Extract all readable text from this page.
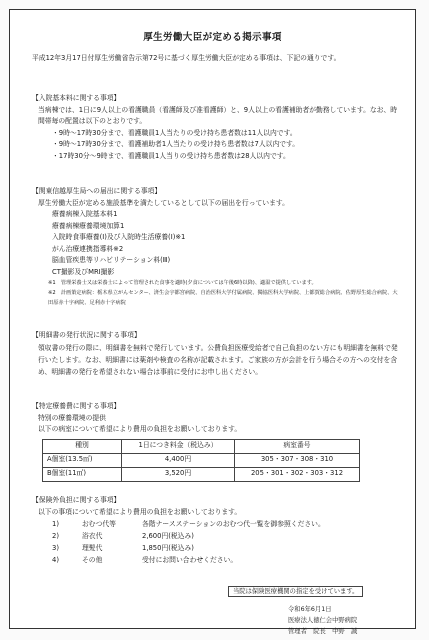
厚生労働大臣が定める掲示事項
平成12年3月17日付厚生労働省告示第72号に基づく厚生労働大臣が定める事項は、下記の通りです。
【入院基本料に関する事項】
当病棟では、1日に9人以上の看護職員（看護師及び准看護師）と、9人以上の看護補助者が勤務しています。なお、時間帯毎の配置は以下のとおりです。
・9時〜17時30分まで、看護職員1人当たりの受け持ち患者数は11人以内です。
・9時〜17時30分まで、看護補助者1人当たりの受け持ち患者数は7人以内です。
・17時30分〜9時まで、看護職員1人当りの受け持ち患者数は28人以内です。
【関東信越厚生局への届出に関する事項】
厚生労働大臣が定める施設基準を満たしているとして以下の届出を行っています。
療養病棟入院基本料1
療養病棟療養環境加算1
入院時食事療養(Ⅰ)及び入院時生活療養(Ⅰ)※1
がん治療連携指導料※2
脳血管疾患等リハビリテーション料(Ⅲ)
CT撮影及びMRI撮影
※1　管理栄養士又は栄養士によって管理された食事を適時(夕食については午後6時以降)、適温で提供しています。
※2　計画策定病院：栃木県立がんセンター、済生会宇都宮病院、自治医科大学付属病院、獨協医科大学病院、上都賀総合病院、佐野厚生総合病院、大田原赤十字病院、足利赤十字病院
【明細書の発行状況に関する事項】
領収書の発行の際に、明細書を無料で発行しています。公費負担医療受給者で自己負担のない方にも明細書を無料で発行いたします。なお、明細書には薬剤や検査の名称が記載されます。ご家族の方が会計を行う場合その方への交付を含め、明細書の発行を希望されない場合は事前に受付にお申し出ください。
【特定療養費に関する事項】
特別の療養環境の提供
以下の病室について希望により費用の負担をお願いしております。
種別	1日につき料金（税込み）	病室番号
A個室(13.5㎡)	4,400円	305・307・308・310
B個室(11㎡)	3,520円	205・301・302・303・312
【保険外負担に関する事項】
以下の事項について希望により費用の負担をお願いしております。
1)	おむつ代等	各階ナースステーションのおむつ代一覧を御参照ください。
2)	浴衣代	2,600円(税込み)
3)	理髪代	1,850円(税込み)
4)	その他	受付にお問い合わせください。
当院は保険医療機関の指定を受けています。
令和6年6月1日
医療法人徳仁会中野病院
管理者　院長　中野　誠
